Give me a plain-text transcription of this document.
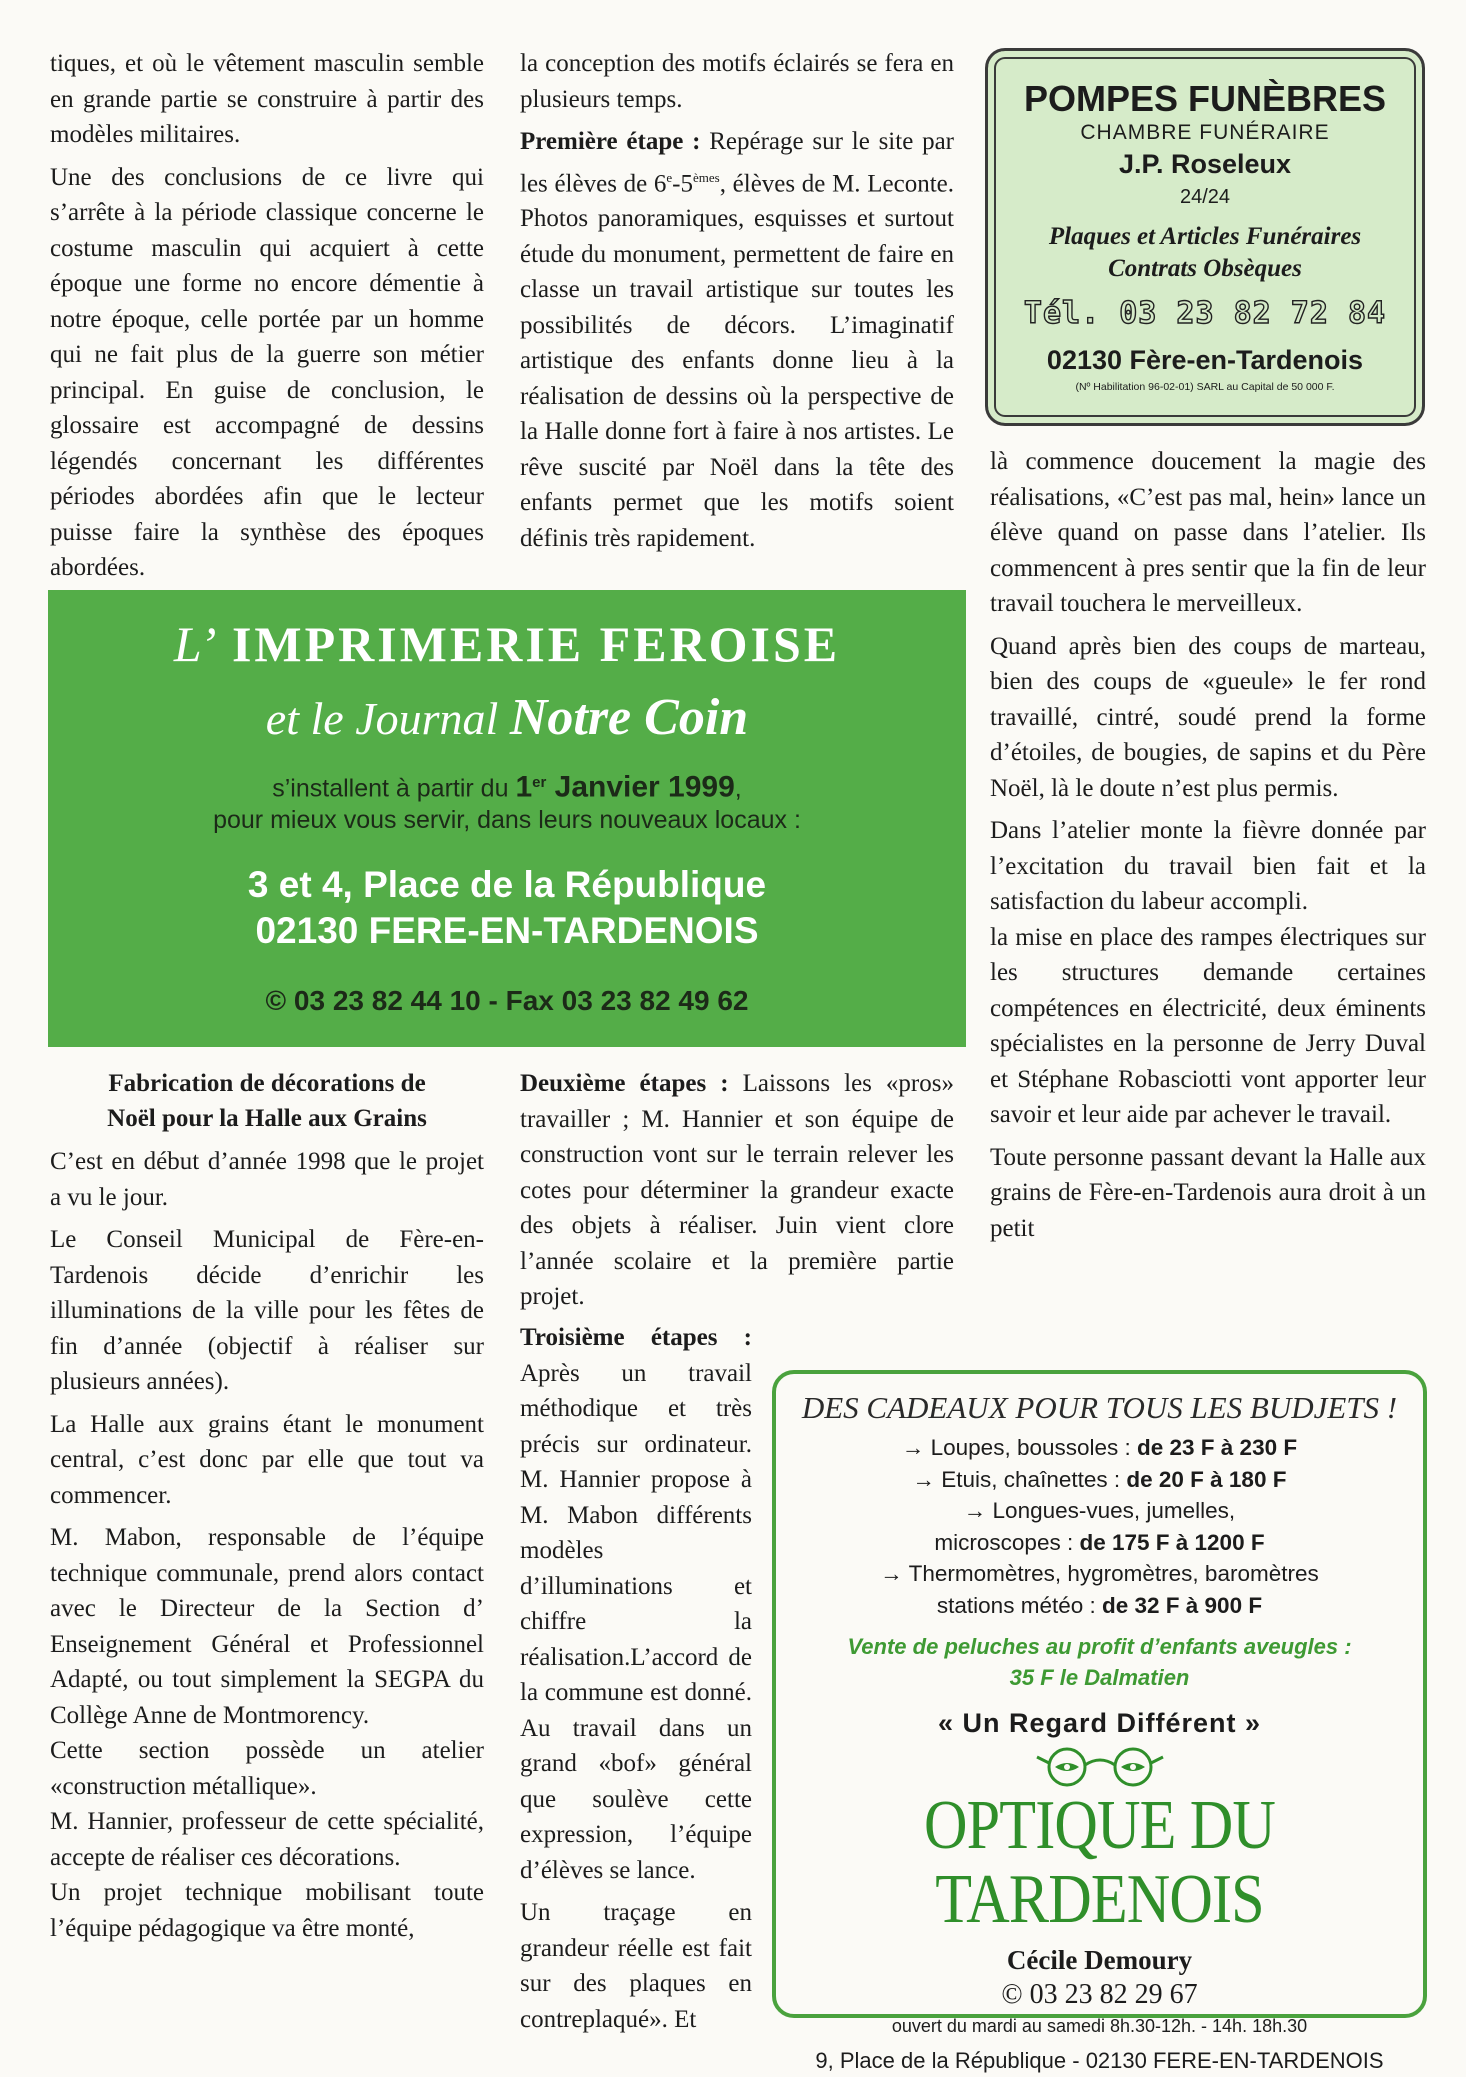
tiques, et où le vêtement masculin semble en grande partie se construire à partir des modèles militaires.

Une des conclusions de ce livre qui s’arrête à la période classique concerne le costume masculin qui acquiert à cette époque une forme no encore démentie à notre époque, celle portée par un homme qui ne fait plus de la guerre son métier principal. En guise de conclusion, le glossaire est accompagné de dessins légendés concernant les différentes périodes abordées afin que le lecteur puisse faire la synthèse des époques abordées.

la conception des motifs éclairés se fera en plusieurs temps.

Première étape : Repérage sur le site par les élèves de 6e-5èmes, élèves de M. Leconte. Photos panoramiques, esquisses et surtout étude du monument, permettent de faire en classe un travail artistique sur toutes les possibilités de décors. L’imaginatif artistique des enfants donne lieu à la réalisation de dessins où la perspective de la Halle donne fort à faire à nos artistes. Le rêve suscité par Noël dans la tête des enfants permet que les motifs soient définis très rapidement.

POMPES FUNÈBRES
CHAMBRE FUNÉRAIRE
J.P. Roseleux
24/24
Plaques et Articles Funéraires
Contrats Obsèques
Tél. 03 23 82 72 84
02130 Fère-en-Tardenois
(Nº Habilitation 96-02-01) SARL au Capital de 50 000 F.

là commence doucement la magie des réalisations, «C’est pas mal, hein» lance un élève quand on passe dans l’atelier. Ils commencent à pres sentir que la fin de leur travail touchera le merveilleux.

Quand après bien des coups de marteau, bien des coups de «gueule» le fer rond travaillé, cintré, soudé prend la forme d’étoiles, de bougies, de sapins et du Père Noël, là le doute n’est plus permis.

Dans l’atelier monte la fièvre donnée par l’excitation du travail bien fait et la satisfaction du labeur accompli.

la mise en place des rampes électriques sur les structures demande certaines compétences en électricité, deux éminents spécialistes en la personne de Jerry Duval et Stéphane Robasciotti vont apporter leur savoir et leur aide par achever le travail.

Toute personne passant devant la Halle aux grains de Fère-en-Tardenois aura droit à un petit

L’ IMPRIMERIE FEROISE
et le Journal Notre Coin
s’installent à partir du 1er Janvier 1999,
pour mieux vous servir, dans leurs nouveaux locaux :
3 et 4, Place de la République
02130 FERE-EN-TARDENOIS
© 03 23 82 44 10 - Fax 03 23 82 49 62
Fabrication de décorations de
Noël pour la Halle aux Grains

C’est en début d’année 1998 que le projet a vu le jour.

Le Conseil Municipal de Fère-en-Tardenois décide d’enrichir les illuminations de la ville pour les fêtes de fin d’année (objectif à réaliser sur plusieurs années).

La Halle aux grains étant le monument central, c’est donc par elle que tout va commencer.

M. Mabon, responsable de l’équipe technique communale, prend alors contact avec le Directeur de la Section d’ Enseignement Général et Professionnel Adapté, ou tout simplement la SEGPA du Collège Anne de Montmorency.

Cette section possède un atelier «construction métallique».

M. Hannier, professeur de cette spécialité, accepte de réaliser ces décorations.

Un projet technique mobilisant toute l’équipe pédagogique va être monté,

Deuxième étapes : Laissons les «pros» travailler ; M. Hannier et son équipe de construction vont sur le terrain relever les cotes pour déterminer la grandeur exacte des objets à réaliser. Juin vient clore l’année scolaire et la première partie projet.

Troisième étapes : Après un travail méthodique et très précis sur ordinateur. M. Hannier propose à M. Mabon différents modèles d’illuminations et chiffre la réalisation.L’accord de la commune est donné. Au travail dans un grand «bof» général que soulève cette expression, l’équipe d’élèves se lance.

Un traçage en grandeur réelle est fait sur des plaques en contreplaqué». Et

DES CADEAUX POUR TOUS LES BUDJETS !
→ Loupes, boussoles : de 23 F à 230 F
→ Etuis, chaînettes : de 20 F à 180 F
→ Longues-vues, jumelles,
microscopes : de 175 F à 1200 F
→ Thermomètres, hygromètres, baromètres
stations météo : de 32 F à 900 F
Vente de peluches au profit d’enfants aveugles :
35 F le Dalmatien
« Un Regard Différent »
OPTIQUE DU TARDENOIS
Cécile Demoury
© 03 23 82 29 67
ouvert du mardi au samedi 8h.30-12h. - 14h. 18h.30
9, Place de la République - 02130 FERE-EN-TARDENOIS
